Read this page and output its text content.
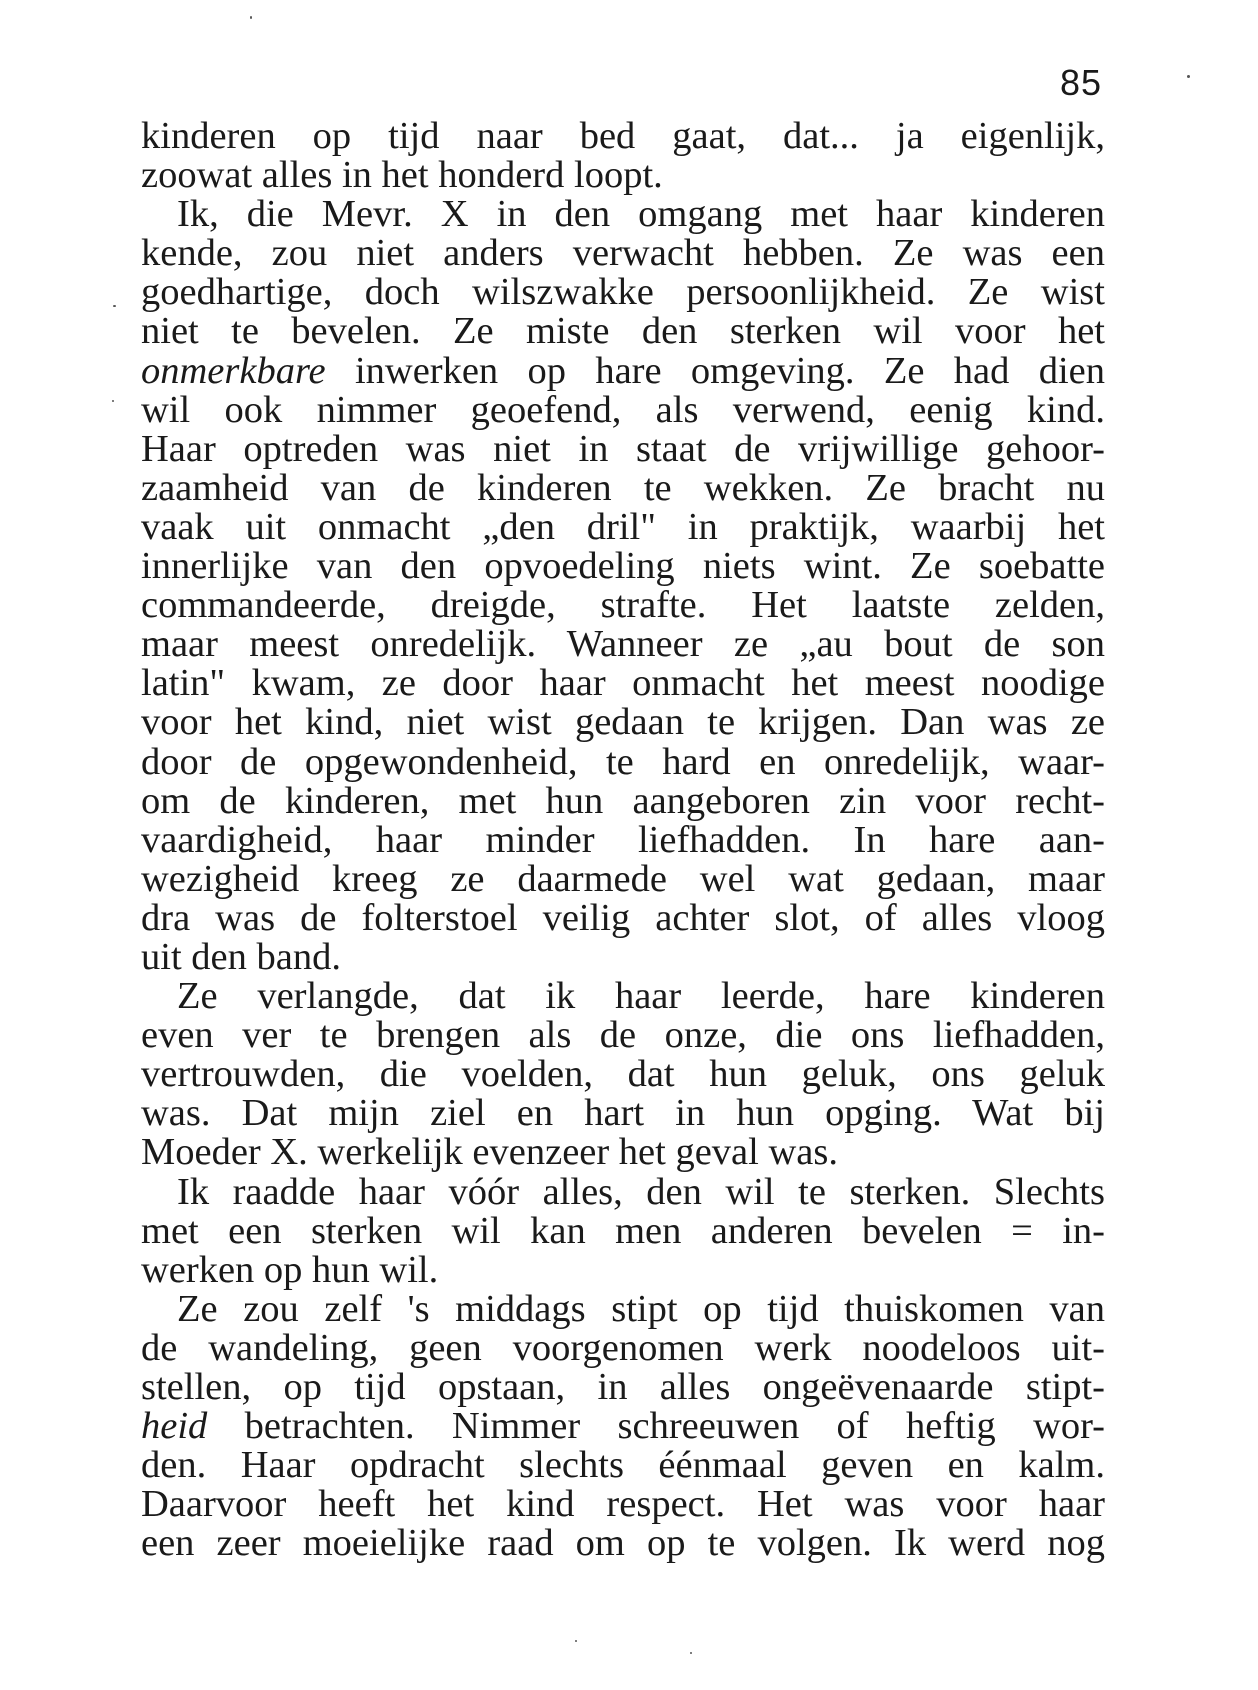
85
kinderen op tijd naar bed gaat, dat... ja eigenlijk,
zoowat alles in het honderd loopt.
Ik, die Mevr. X in den omgang met haar kinderen
kende, zou niet anders verwacht hebben. Ze was een
goedhartige, doch wilszwakke persoonlijkheid. Ze wist
niet te bevelen. Ze miste den sterken wil voor het
onmerkbare inwerken op hare omgeving. Ze had dien
wil ook nimmer geoefend, als verwend, eenig kind.
Haar optreden was niet in staat de vrijwillige gehoor-
zaamheid van de kinderen te wekken. Ze bracht nu
vaak uit onmacht „den dril" in praktijk, waarbij het
innerlijke van den opvoedeling niets wint. Ze soebatte
commandeerde, dreigde, strafte. Het laatste zelden,
maar meest onredelijk. Wanneer ze „au bout de son
latin" kwam, ze door haar onmacht het meest noodige
voor het kind, niet wist gedaan te krijgen. Dan was ze
door de opgewondenheid, te hard en onredelijk, waar-
om de kinderen, met hun aangeboren zin voor recht-
vaardigheid, haar minder liefhadden. In hare aan-
wezigheid kreeg ze daarmede wel wat gedaan, maar
dra was de folterstoel veilig achter slot, of alles vloog
uit den band.
Ze verlangde, dat ik haar leerde, hare kinderen
even ver te brengen als de onze, die ons liefhadden,
vertrouwden, die voelden, dat hun geluk, ons geluk
was. Dat mijn ziel en hart in hun opging. Wat bij
Moeder X. werkelijk evenzeer het geval was.
Ik raadde haar vóór alles, den wil te sterken. Slechts
met een sterken wil kan men anderen bevelen = in-
werken op hun wil.
Ze zou zelf 's middags stipt op tijd thuiskomen van
de wandeling, geen voorgenomen werk noodeloos uit-
stellen, op tijd opstaan, in alles ongeëvenaarde stipt-
heid betrachten. Nimmer schreeuwen of heftig wor-
den. Haar opdracht slechts éénmaal geven en kalm.
Daarvoor heeft het kind respect. Het was voor haar
een zeer moeielijke raad om op te volgen. Ik werd nog
